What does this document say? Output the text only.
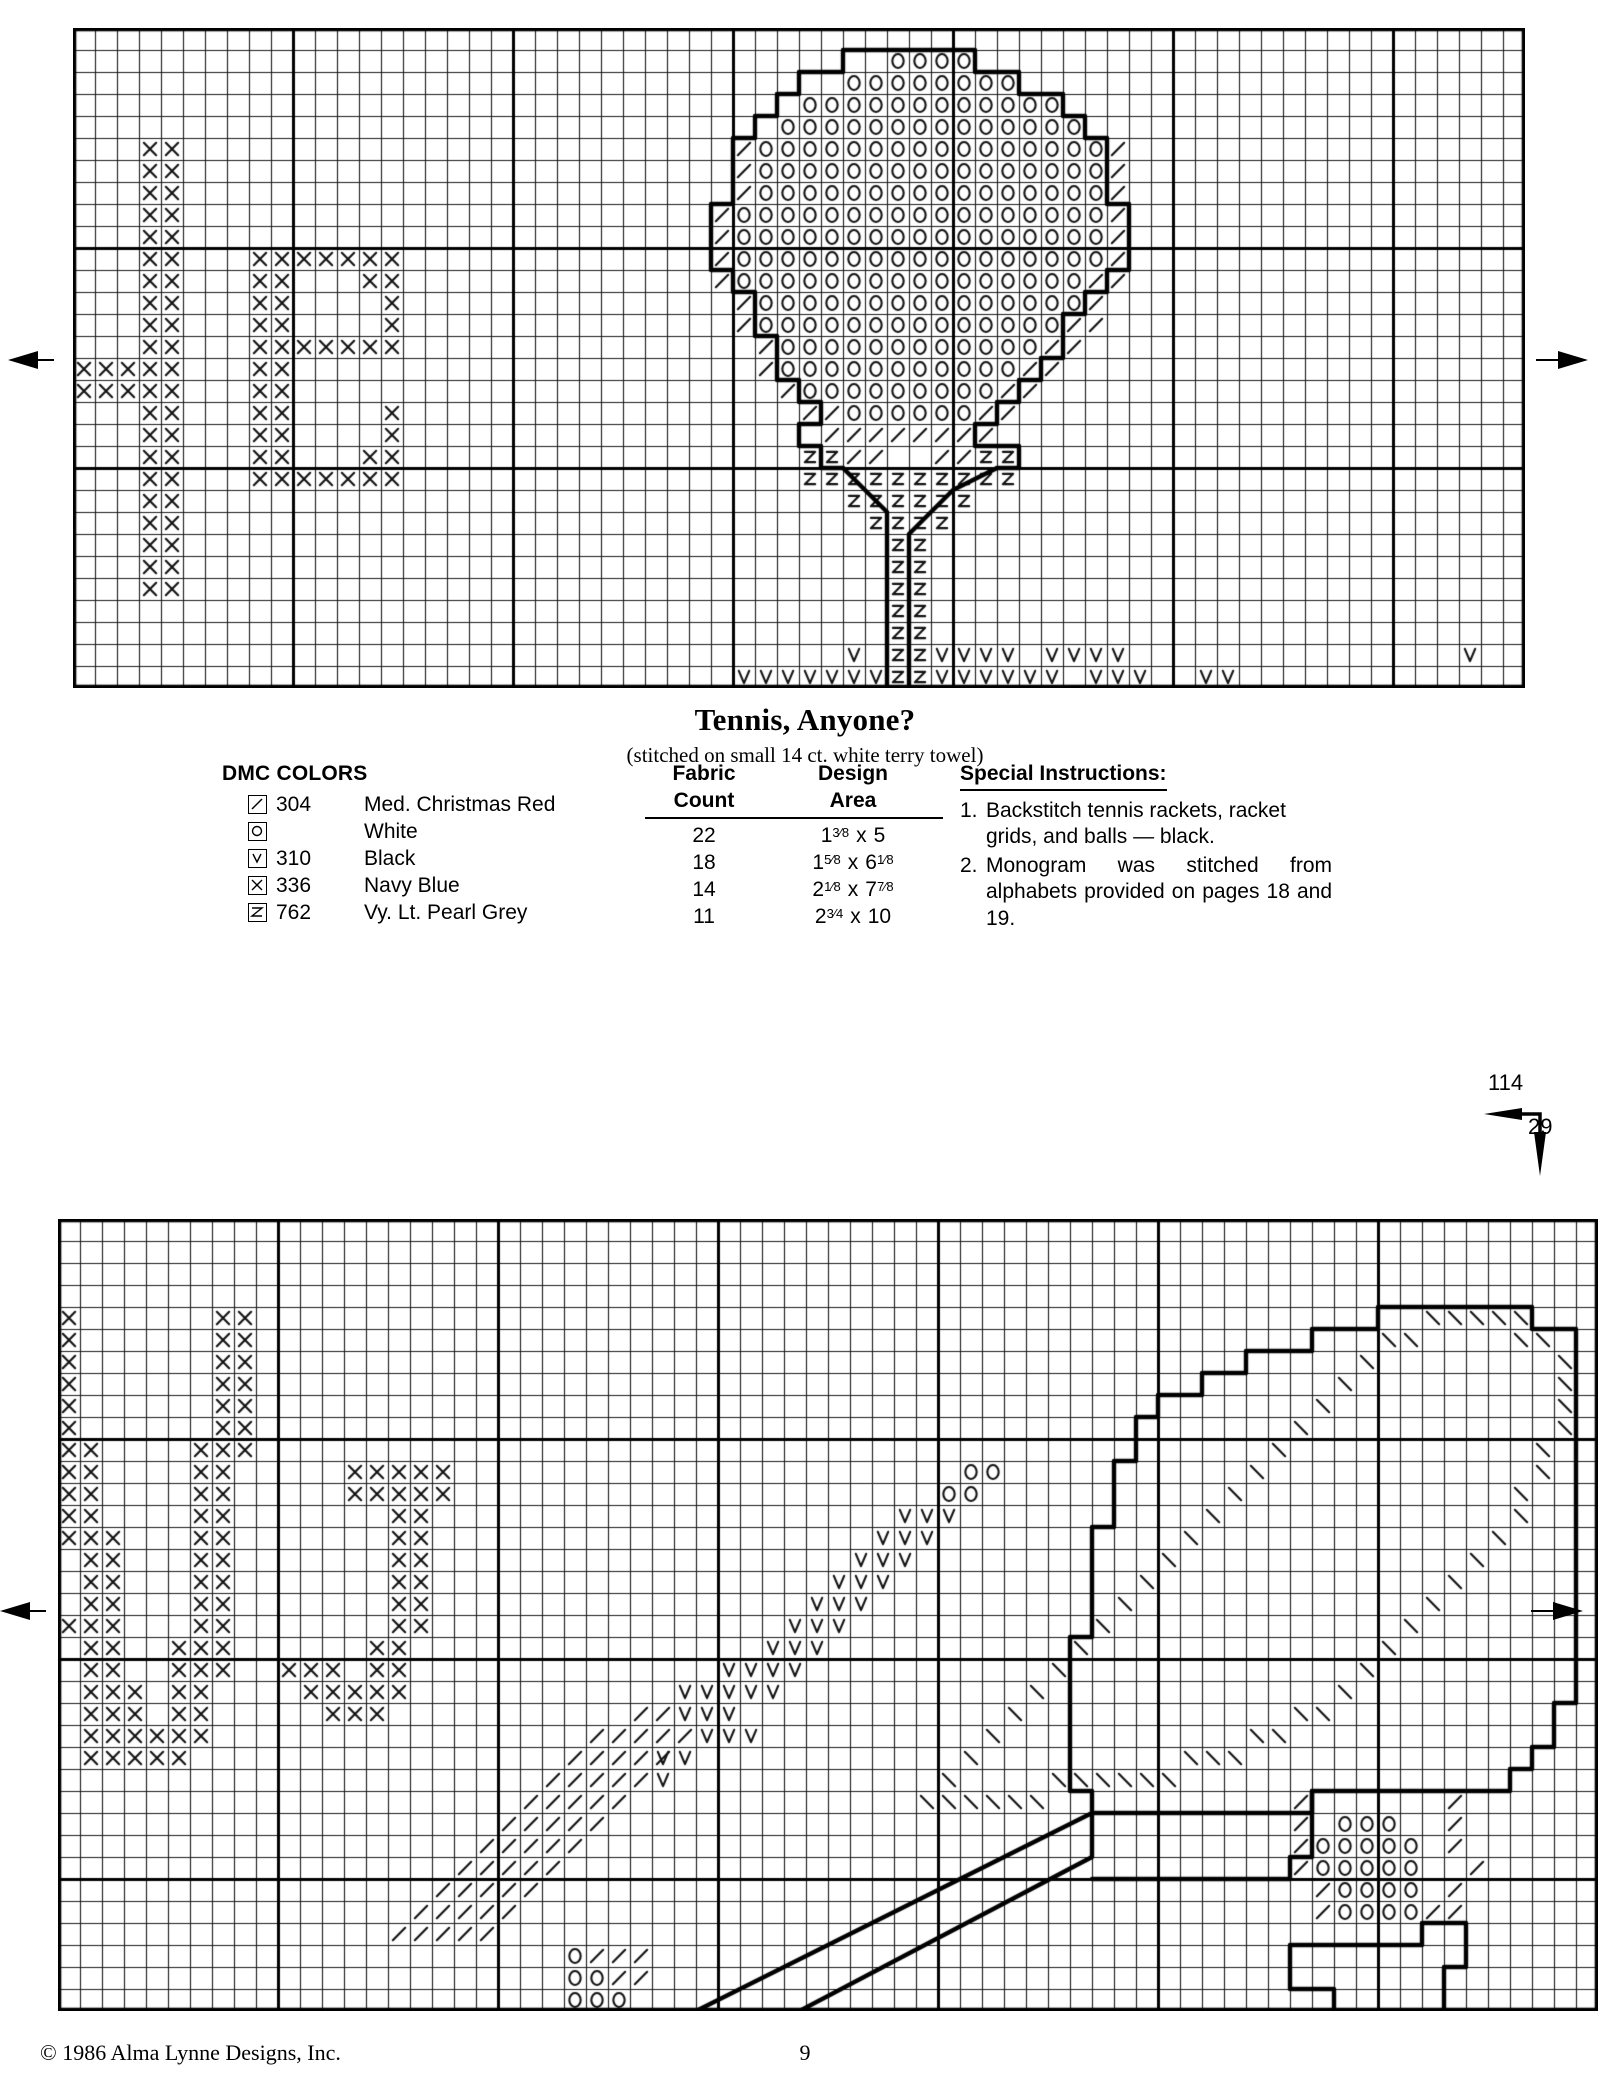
Tennis, Anyone?
(stitched on small 14 ct. white terry towel)
DMC COLORS
304	Med. Christmas Red
White
310	Black
336	Navy Blue
762	Vy. Lt. Pearl Grey
Fabric
Count
Design
Area
22	$1^{3⁄8}$ x 5
18	$1^{5⁄8}$ x $6^{1⁄8}$
14	$2^{1⁄8}$ x $7^{7⁄8}$
11	$2^{3⁄4}$ x 10
Special Instructions:
1. Backstitch tennis rackets, racket grids, and balls — black.
2. Monogram was stitched from alphabets provided on pages 18 and 19.
114
29
© 1986 Alma Lynne Designs, Inc.	9
